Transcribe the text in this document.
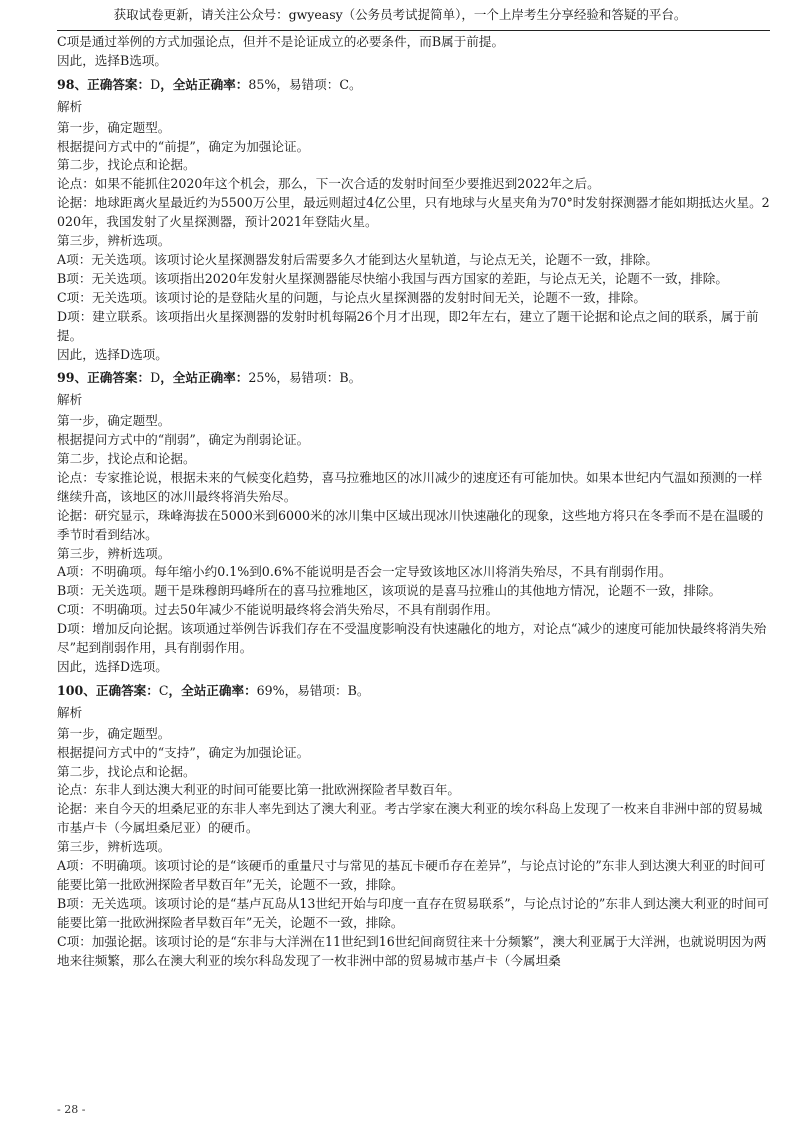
获取试卷更新，请关注公众号：gwyeasy（公务员考试捉简单），一个上岸考生分享经验和答疑的平台。

C项是通过举例的方式加强论点，但并不是论证成立的必要条件，而B属于前提。

因此，选择B选项。

98、正确答案：D，全站正确率：85%，易错项：C。

解析

第一步，确定题型。

根据提问方式中的“前提”，确定为加强论证。

第二步，找论点和论据。

论点：如果不能抓住2020年这个机会，那么，下一次合适的发射时间至少要推迟到2022年之后。

论据：地球距离火星最近约为5500万公里，最远则超过4亿公里，只有地球与火星夹角为70°时发射探测器才能如期抵达火星。2020年，我国发射了火星探测器，预计2021年登陆火星。

第三步，辨析选项。

A项：无关选项。该项讨论火星探测器发射后需要多久才能到达火星轨道，与论点无关，论题不一致，排除。

B项：无关选项。该项指出2020年发射火星探测器能尽快缩小我国与西方国家的差距，与论点无关，论题不一致，排除。

C项：无关选项。该项讨论的是登陆火星的问题，与论点火星探测器的发射时间无关，论题不一致，排除。

D项：建立联系。该项指出火星探测器的发射时机每隔26个月才出现，即2年左右，建立了题干论据和论点之间的联系，属于前提。

因此，选择D选项。

99、正确答案：D，全站正确率：25%，易错项：B。

解析

第一步，确定题型。

根据提问方式中的“削弱”，确定为削弱论证。

第二步，找论点和论据。

论点：专家推论说，根据未来的气候变化趋势，喜马拉雅地区的冰川减少的速度还有可能加快。如果本世纪内气温如预测的一样继续升高，该地区的冰川最终将消失殆尽。

论据：研究显示，珠峰海拔在5000米到6000米的冰川集中区域出现冰川快速融化的现象，这些地方将只在冬季而不是在温暖的季节时看到结冰。

第三步，辨析选项。

A项：不明确项。每年缩小约0.1%到0.6%不能说明是否会一定导致该地区冰川将消失殆尽，不具有削弱作用。

B项：无关选项。题干是珠穆朗玛峰所在的喜马拉雅地区，该项说的是喜马拉雅山的其他地方情况，论题不一致，排除。

C项：不明确项。过去50年减少不能说明最终将会消失殆尽，不具有削弱作用。

D项：增加反向论据。该项通过举例告诉我们存在不受温度影响没有快速融化的地方，对论点“减少的速度可能加快最终将消失殆尽”起到削弱作用，具有削弱作用。

因此，选择D选项。

100、正确答案：C，全站正确率：69%，易错项：B。

解析

第一步，确定题型。

根据提问方式中的“支持”，确定为加强论证。

第二步，找论点和论据。

论点：东非人到达澳大利亚的时间可能要比第一批欧洲探险者早数百年。

论据：来自今天的坦桑尼亚的东非人率先到达了澳大利亚。考古学家在澳大利亚的埃尔科岛上发现了一枚来自非洲中部的贸易城市基卢卡（今属坦桑尼亚）的硬币。

第三步，辨析选项。

A项：不明确项。该项讨论的是“该硬币的重量尺寸与常见的基瓦卡硬币存在差异”，与论点讨论的”东非人到达澳大利亚的时间可能要比第一批欧洲探险者早数百年”无关，论题不一致，排除。

B项：无关选项。该项讨论的是“基卢瓦岛从13世纪开始与印度一直存在贸易联系”，与论点讨论的”东非人到达澳大利亚的时间可能要比第一批欧洲探险者早数百年”无关，论题不一致，排除。

C项：加强论据。该项讨论的是“东非与大洋洲在11世纪到16世纪间商贸往来十分频繁”，澳大利亚属于大洋洲，也就说明因为两地来往频繁，那么在澳大利亚的埃尔科岛发现了一枚非洲中部的贸易城市基卢卡（今属坦桑

- 28 -
